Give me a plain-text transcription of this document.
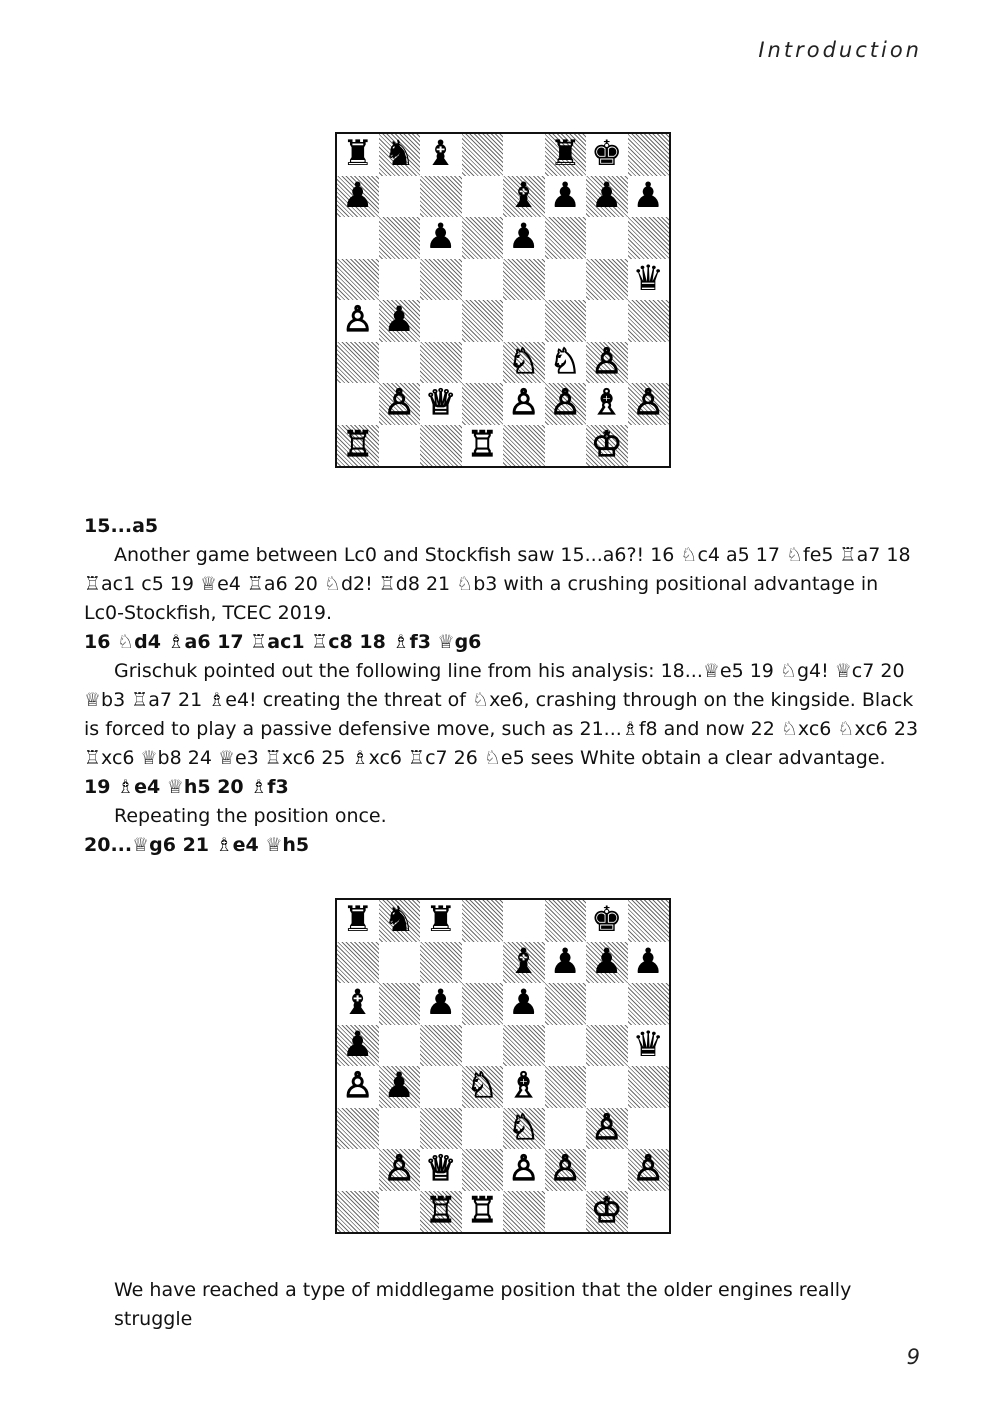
Introduction
♜ ♞ ♝	♜ ♚
♟	♝ ♟ ♟ ♟
♟ ♟
♛
♙ ♟
♘ ♘ ♙
♙ ♕ ♙ ♙ ♗ ♙
♖	♖	♔
15...a5

Another game between Lc0 and Stockfish saw 15...a6?! 16 ♘c4 a5 17 ♘fe5 ♖a7 18 ♖ac1 c5 19 ♕e4 ♖a6 20 ♘d2! ♖d8 21 ♘b3 with a crushing positional advantage in Lc0-Stockfish, TCEC 2019.

16 ♘d4 ♗a6 17 ♖ac1 ♖c8 18 ♗f3 ♕g6

Grischuk pointed out the following line from his analysis: 18...♕e5 19 ♘g4! ♕c7 20 ♕b3 ♖a7 21 ♗e4! creating the threat of ♘xe6, crashing through on the kingside. Black is forced to play a passive defensive move, such as 21...♗f8 and now 22 ♘xc6 ♘xc6 23 ♖xc6 ♕b8 24 ♕e3 ♖xc6 25 ♗xc6 ♖c7 26 ♘e5 sees White obtain a clear advantage.

19 ♗e4 ♕h5 20 ♗f3

Repeating the position once.

20...♕g6 21 ♗e4 ♕h5
♜ ♞ ♜	♚
♝ ♟ ♟ ♟
♝ ♟ ♟
♟	♛
♙ ♟ ♘ ♗
♘ ♙
♙ ♕ ♙ ♙ ♙
♖ ♖	♔
We have reached a type of middlegame position that the older engines really struggle
9
